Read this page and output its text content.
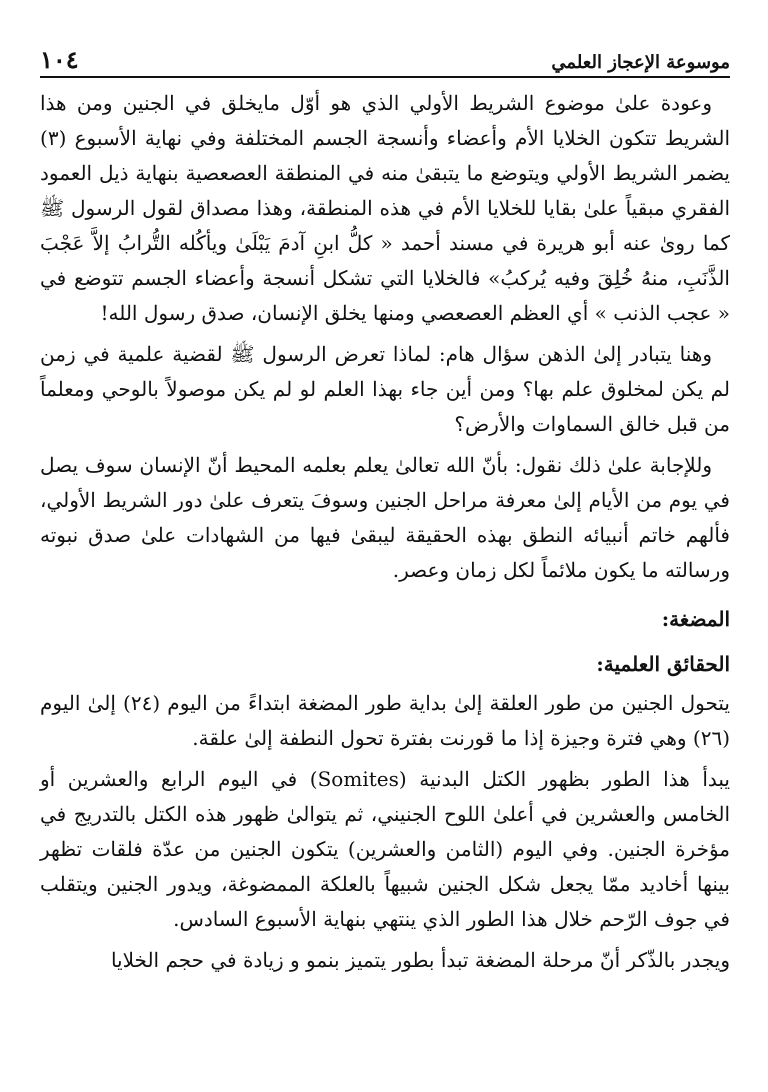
موسوعة الإعجاز العلمي
١٠٤

وعودة علىٰ موضوع الشريط الأولي الذي هو أوّل مايخلق في الجنين ومن هذا الشريط تتكون الخلايا الأم وأعضاء وأنسجة الجسم المختلفة وفي نهاية الأسبوع (٣) يضمر الشريط الأولي ويتوضع ما يتبقىٰ منه في المنطقة العصعصية بنهاية ذيل العمود الفقري مبقياً علىٰ بقايا للخلايا الأم في هذه المنطقة، وهذا مصداق لقول الرسول ﷺ كما روىٰ عنه أبو هريرة في مسند أحمد « كلُّ ابنِ آدمَ يَبْلَىٰ ويأكُله التُّرابُ إلاَّ عَجْبَ الذَّنَبِ، منهُ خُلِقَ وفيه يُركبُ» فالخلايا التي تشكل أنسجة وأعضاء الجسم تتوضع في « عجب الذنب » أي العظم العصعصي ومنها يخلق الإنسان، صدق رسول الله!

وهنا يتبادر إلىٰ الذهن سؤال هام: لماذا تعرض الرسول ﷺ لقضية علمية في زمن لم يكن لمخلوق علم بها؟ ومن أين جاء بهذا العلم لو لم يكن موصولاً بالوحي ومعلماً من قبل خالق السماوات والأرض؟

وللإجابة علىٰ ذلك نقول: بأنّ الله تعالىٰ يعلم بعلمه المحيط أنّ الإنسان سوف يصل في يوم من الأيام إلىٰ معرفة مراحل الجنين وسوفَ يتعرف علىٰ دور الشريط الأولي، فألهم خاتم أنبيائه النطق بهذه الحقيقة ليبقىٰ فيها من الشهادات علىٰ صدق نبوته ورسالته ما يكون ملائماً لكل زمان وعصر.

المضغة:
الحقائق العلمية:

يتحول الجنين من طور العلقة إلىٰ بداية طور المضغة ابتداءً من اليوم (٢٤) إلىٰ اليوم (٢٦) وهي فترة وجيزة إذا ما قورنت بفترة تحول النطفة إلىٰ علقة.

يبدأ هذا الطور بظهور الكتل البدنية (Somites) في اليوم الرابع والعشرين أو الخامس والعشرين في أعلىٰ اللوح الجنيني، ثم يتوالىٰ ظهور هذه الكتل بالتدريج في مؤخرة الجنين. وفي اليوم (الثامن والعشرين) يتكون الجنين من عدّة فلقات تظهر بينها أخاديد ممّا يجعل شكل الجنين شبيهاً بالعلكة الممضوغة، ويدور الجنين ويتقلب في جوف الرّحم خلال هذا الطور الذي ينتهي بنهاية الأسبوع السادس.

ويجدر بالذّكر أنّ مرحلة المضغة تبدأ بطور يتميز بنمو و زيادة في حجم الخلايا
